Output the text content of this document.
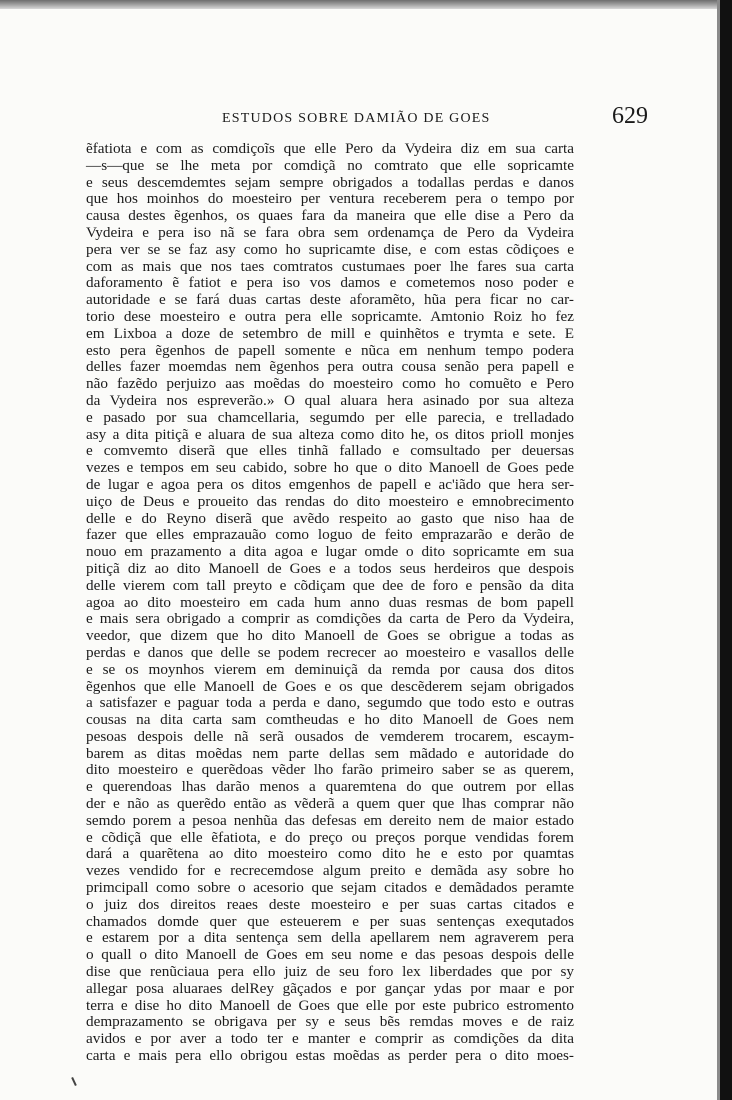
ESTUDOS SOBRE DAMIÃO DE GOES	629
ẽfatiota e com as comdiçoĩs que elle Pero da Vydeira diz em sua carta
—s—que se lhe meta por comdiçã no comtrato que elle sopricamte
e seus descemdemtes sejam sempre obrigados a todallas perdas e danos
que hos moinhos do moesteiro per ventura receberem pera o tempo por
causa destes ẽgenhos, os quaes fara da maneira que elle dise a Pero da
Vydeira e pera iso nã se fara obra sem ordenamça de Pero da Vydeira
pera ver se se faz asy como ho supricamte dise, e com estas cõdiçoes e
com as mais que nos taes comtratos custumaes poer lhe fares sua carta
daforamento ẽ fatiot e pera iso vos damos e cometemos noso poder e
autoridade e se fará duas cartas deste aforamẽto, hũa pera ficar no car-
torio dese moesteiro e outra pera elle sopricamte. Amtonio Roiz ho fez
em Lixboa a doze de setembro de mill e quinhẽtos e trymta e sete. E
esto pera ẽgenhos de papell somente e nũca em nenhum tempo podera
delles fazer moemdas nem ẽgenhos pera outra cousa senão pera papell e
não fazẽdo perjuizo aas moẽdas do moesteiro como ho comuẽto e Pero
da Vydeira nos espreverão.» O qual aluara hera asinado por sua alteza
e pasado por sua chamcellaria, segumdo per elle parecia, e trelladado
asy a dita pitiçã e aluara de sua alteza como dito he, os ditos prioll monjes
e comvemto diserã que elles tinhã fallado e comsultado per deuersas
vezes e tempos em seu cabido, sobre ho que o dito Manoell de Goes pede
de lugar e agoa pera os ditos emgenhos de papell e ac'iãdo que hera ser-
uiço de Deus e proueito das rendas do dito moesteiro e emnobrecimento
delle e do Reyno diserã que avẽdo respeito ao gasto que niso haa de
fazer que elles emprazauão como loguo de feito emprazarão e derão de
nouo em prazamento a dita agoa e lugar omde o dito sopricamte em sua
pitiçã diz ao dito Manoell de Goes e a todos seus herdeiros que despois
delle vierem com tall preyto e cõdiçam que dee de foro e pensão da dita
agoa ao dito moesteiro em cada hum anno duas resmas de bom papell
e mais sera obrigado a comprir as comdições da carta de Pero da Vydeira,
veedor, que dizem que ho dito Manoell de Goes se obrigue a todas as
perdas e danos que delle se podem recrecer ao moesteiro e vasallos delle
e se os moynhos vierem em deminuiçã da remda por causa dos ditos
ẽgenhos que elle Manoell de Goes e os que descẽderem sejam obrigados
a satisfazer e paguar toda a perda e dano, segumdo que todo esto e outras
cousas na dita carta sam comtheudas e ho dito Manoell de Goes nem
pesoas despois delle nã serã ousados de vemderem trocarem, escaym-
barem as ditas moẽdas nem parte dellas sem mãdado e autoridade do
dito moesteiro e querẽdoas vẽder lho farão primeiro saber se as querem,
e querendoas lhas darão menos a quaremtena do que outrem por ellas
der e não as querẽdo então as vẽderã a quem quer que lhas comprar não
semdo porem a pesoa nenhũa das defesas em dereito nem de maior estado
e cõdiçã que elle ẽfatiota, e do preço ou preços porque vendidas forem
dará a quarẽtena ao dito moesteiro como dito he e esto por quamtas
vezes vendido for e recrecemdose algum preito e demãda asy sobre ho
primcipall como sobre o acesorio que sejam citados e demãdados peramte
o juiz dos direitos reaes deste moesteiro e per suas cartas citados e
chamados domde quer que esteuerem e per suas sentenças exequtados
e estarem por a dita sentença sem della apellarem nem agraverem pera
o quall o dito Manoell de Goes em seu nome e das pesoas despois delle
dise que renũciaua pera ello juiz de seu foro lex liberdades que por sy
allegar posa aluaraes delRey gãçados e por gançar ydas por maar e por
terra e dise ho dito Manoell de Goes que elle por este pubrico estromento
demprazamento se obrigava per sy e seus bẽs remdas moves e de raiz
avidos e por aver a todo ter e manter e comprir as comdições da dita
carta e mais pera ello obrigou estas moẽdas as perder pera o dito moes-
